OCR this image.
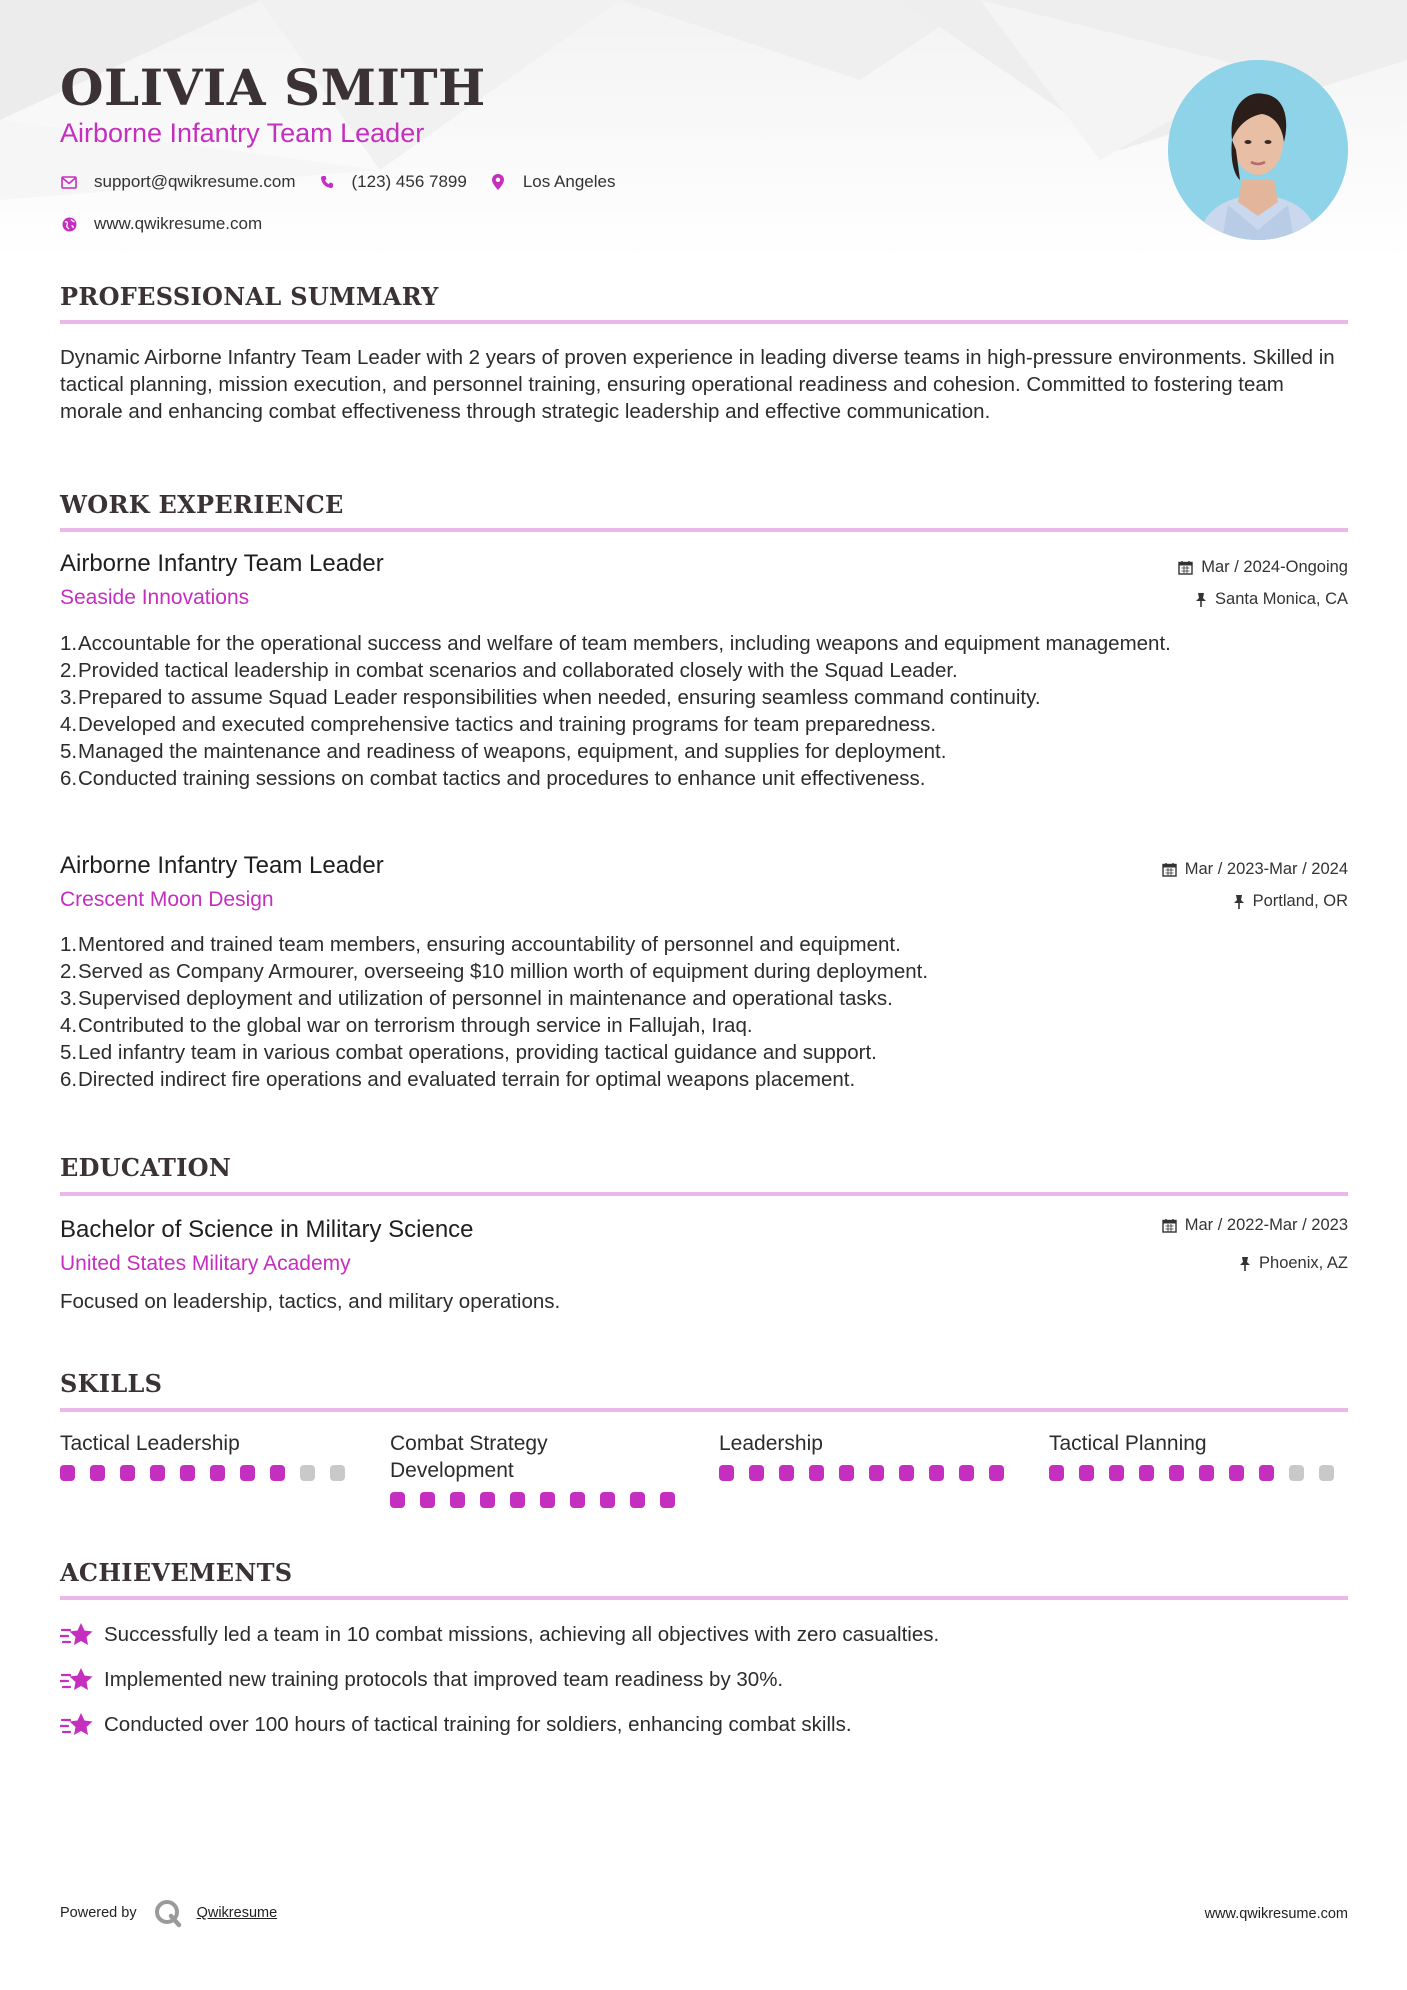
OLIVIA SMITH
Airborne Infantry Team Leader
support@qwikresume.com	(123) 456 7899	Los Angeles
www.qwikresume.com
PROFESSIONAL SUMMARY
Dynamic Airborne Infantry Team Leader with 2 years of proven experience in leading diverse teams in high-pressure environments. Skilled in tactical planning, mission execution, and personnel training, ensuring operational readiness and cohesion. Committed to fostering team morale and enhancing combat effectiveness through strategic leadership and effective communication.
WORK EXPERIENCE
Airborne Infantry Team Leader
Seaside Innovations
Mar / 2024-Ongoing
Santa Monica, CA
1. Accountable for the operational success and welfare of team members, including weapons and equipment management.
2. Provided tactical leadership in combat scenarios and collaborated closely with the Squad Leader.
3. Prepared to assume Squad Leader responsibilities when needed, ensuring seamless command continuity.
4. Developed and executed comprehensive tactics and training programs for team preparedness.
5. Managed the maintenance and readiness of weapons, equipment, and supplies for deployment.
6. Conducted training sessions on combat tactics and procedures to enhance unit effectiveness.
Airborne Infantry Team Leader
Crescent Moon Design
Mar / 2023-Mar / 2024
Portland, OR
1. Mentored and trained team members, ensuring accountability of personnel and equipment.
2. Served as Company Armourer, overseeing $10 million worth of equipment during deployment.
3. Supervised deployment and utilization of personnel in maintenance and operational tasks.
4. Contributed to the global war on terrorism through service in Fallujah, Iraq.
5. Led infantry team in various combat operations, providing tactical guidance and support.
6. Directed indirect fire operations and evaluated terrain for optimal weapons placement.
EDUCATION
Bachelor of Science in Military Science
United States Military Academy
Mar / 2022-Mar / 2023
Phoenix, AZ
Focused on leadership, tactics, and military operations.
SKILLS
Tactical Leadership	Combat Strategy Development
Leadership	Tactical Planning
ACHIEVEMENTS
Successfully led a team in 10 combat missions, achieving all objectives with zero casualties.
Implemented new training protocols that improved team readiness by 30%.
Conducted over 100 hours of tactical training for soldiers, enhancing combat skills.
Powered by	Qwikresume	www.qwikresume.com
